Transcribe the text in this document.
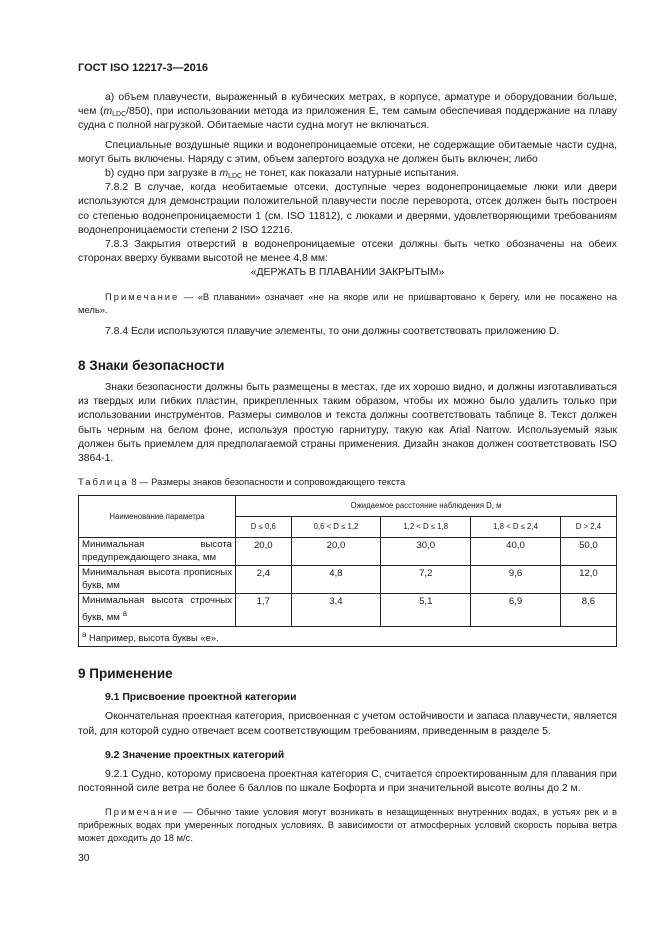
ГОСТ ISO 12217-3—2016

а) объем плавучести, выраженный в кубических метрах, в корпусе, арматуре и оборудовании больше, чем $(m_{LDC}/850)$, при использовании метода из приложения Е, тем самым обеспечивая поддержание на плаву судна с полной нагрузкой. Обитаемые части судна могут не включаться.

Специальные воздушные ящики и водонепроницаемые отсеки, не содержащие обитаемые части судна, могут быть включены. Наряду с этим, объем запертого воздуха не должен быть включен; либо

b) судно при загрузке в $m_{LDC}$ не тонет, как показали натурные испытания.

7.8.2 В случае, когда необитаемые отсеки, доступные через водонепроницаемые люки или двери используются для демонстрации положительной плавучести после переворота, отсек должен быть построен со степенью водонепроницаемости 1 (см. ISO 11812), с люками и дверями, удовлетворяющими требованиям водонепроницаемости степени 2 ISO 12216.

7.8.3 Закрытия отверстий в водонепроницаемые отсеки должны быть четко обозначены на обеих сторонах вверху буквами высотой не менее 4,8 мм:

«ДЕРЖАТЬ В ПЛАВАНИИ ЗАКРЫТЫМ»

Примечание — «В плавании» означает «не на якоре или не пришвартовано к берегу, или не посажено на мель».

7.8.4 Если используются плавучие элементы, то они должны соответствовать приложению D.

8 Знаки безопасности

Знаки безопасности должны быть размещены в местах, где их хорошо видно, и должны изготавливаться из твердых или гибких пластин, прикрепленных таким образом, чтобы их можно было удалить только при использовании инструментов. Размеры символов и текста должны соответствовать таблице 8. Текст должен быть черным на белом фоне, используя простую гарнитуру, такую как Arial Narrow. Используемый язык должен быть приемлем для предполагаемой страны применения. Дизайн знаков должен соответствовать ISO 3864-1.

Таблица 8 — Размеры знаков безопасности и сопровождающего текста
Наименование параметра	Ожидаемое расстояние наблюдения D, м				
	D ≤ 0,6	0,6 < D ≤ 1,2	1,2 < D ≤ 1,8	1,8 < D ≤ 2,4	D > 2,4
Минимальная высота предупреждающего знака, мм	20,0	20,0	30,0	40,0	50,0
Минимальная высота прописных букв, мм	2,4	4,8	7,2	9,6	12,0
Минимальная высота строчных букв, мм $^a$	1,7	3,4	5,1	6,9	8,6
$^a$ Например, высота буквы «е».					
9 Применение
9.1 Присвоение проектной категории

Окончательная проектная категория, присвоенная с учетом остойчивости и запаса плавучести, является той, для которой судно отвечает всем соответствующим требованиям, приведенным в разделе 5.

9.2 Значение проектных категорий

9.2.1 Судно, которому присвоена проектная категория С, считается спроектированным для плавания при постоянной силе ветра не более 6 баллов по шкале Бофорта и при значительной высоте волны до 2 м.

Примечание — Обычно такие условия могут возникать в незащищенных внутренних водах, в устьях рек и в прибрежных водах при умеренных погодных условиях. В зависимости от атмосферных условий скорость порыва ветра может доходить до 18 м/с.

30
